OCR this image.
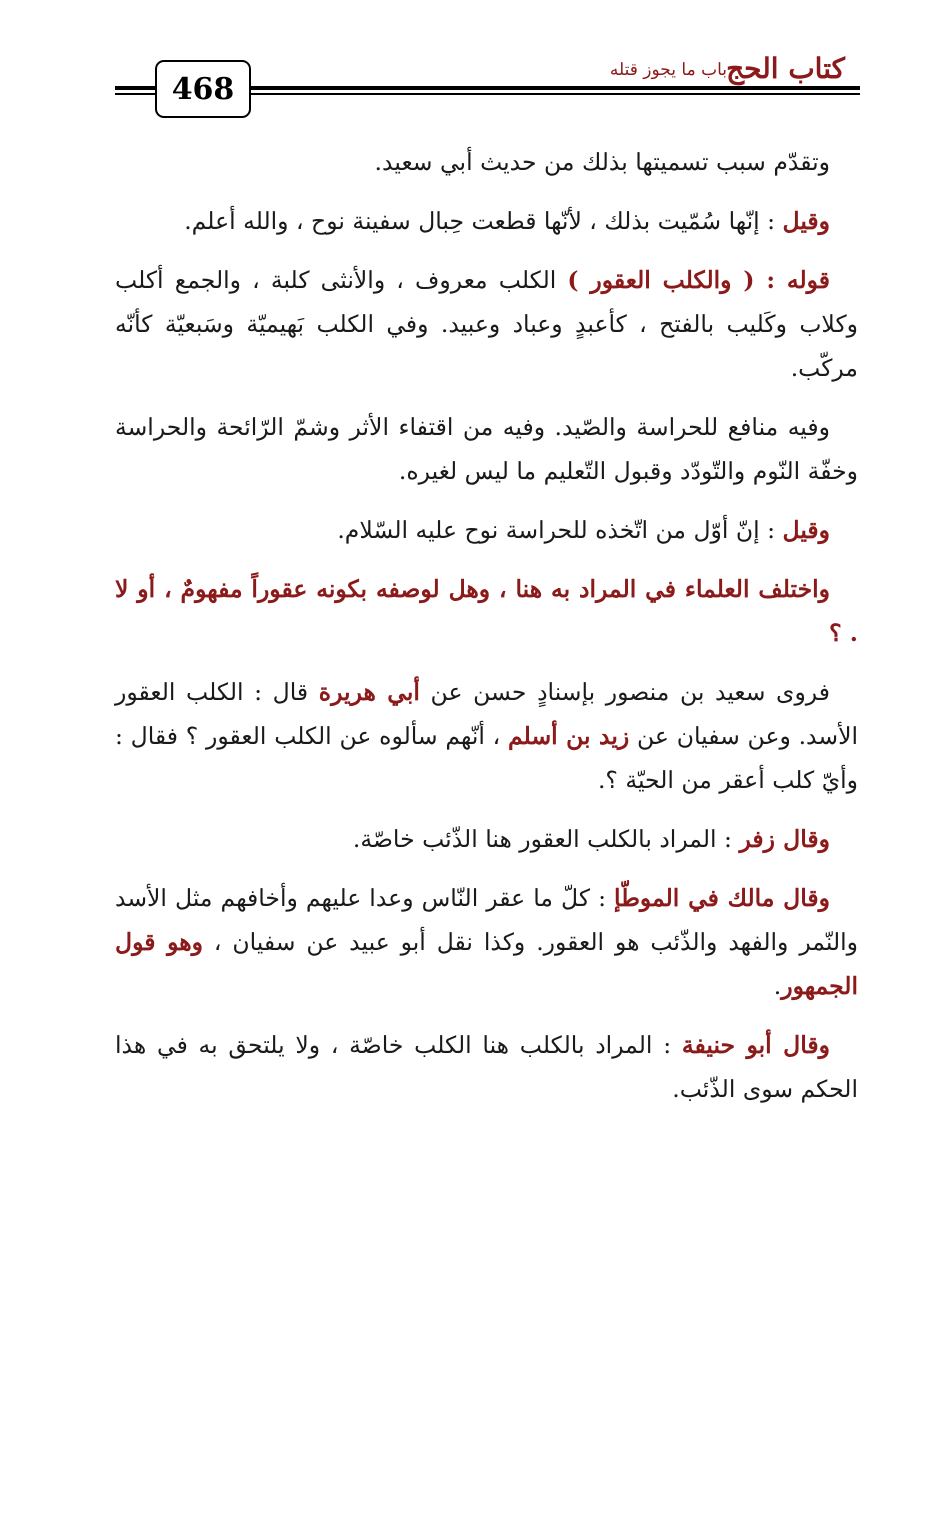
كتاب الحج
باب ما يجوز قتله
468

وتقدّم سبب تسميتها بذلك من حديث أبي سعيد.

وقيل : إنّها سُمّيت بذلك ، لأنّها قطعت حِبال سفينة نوح ، والله أعلم.

قوله : ( والكلب العقور ) الكلب معروف ، والأنثى كلبة ، والجمع أكلب وكلاب وكَليب بالفتح ، كأعبدٍ وعباد وعبيد. وفي الكلب بَهيميّة وسَبعيّة كأنّه مركّب.

وفيه منافع للحراسة والصّيد. وفيه من اقتفاء الأثر وشمّ الرّائحة والحراسة وخفّة النّوم والتّودّد وقبول التّعليم ما ليس لغيره.

وقيل : إنّ أوّل من اتّخذه للحراسة نوح عليه السّلام.

واختلف العلماء في المراد به هنا ، وهل لوصفه بكونه عقوراً مفهومٌ ، أو لا . ؟

فروى سعيد بن منصور بإسنادٍ حسن عن أبي هريرة قال : الكلب العقور الأسد. وعن سفيان عن زيد بن أسلم ، أنّهم سألوه عن الكلب العقور ؟ فقال : وأيّ كلب أعقر من الحيّة ؟.

وقال زفر : المراد بالكلب العقور هنا الذّئب خاصّة.

وقال مالك في الموطّإ : كلّ ما عقر النّاس وعدا عليهم وأخافهم مثل الأسد والنّمر والفهد والذّئب هو العقور. وكذا نقل أبو عبيد عن سفيان ، وهو قول الجمهور.

وقال أبو حنيفة : المراد بالكلب هنا الكلب خاصّة ، ولا يلتحق به في هذا الحكم سوى الذّئب.
